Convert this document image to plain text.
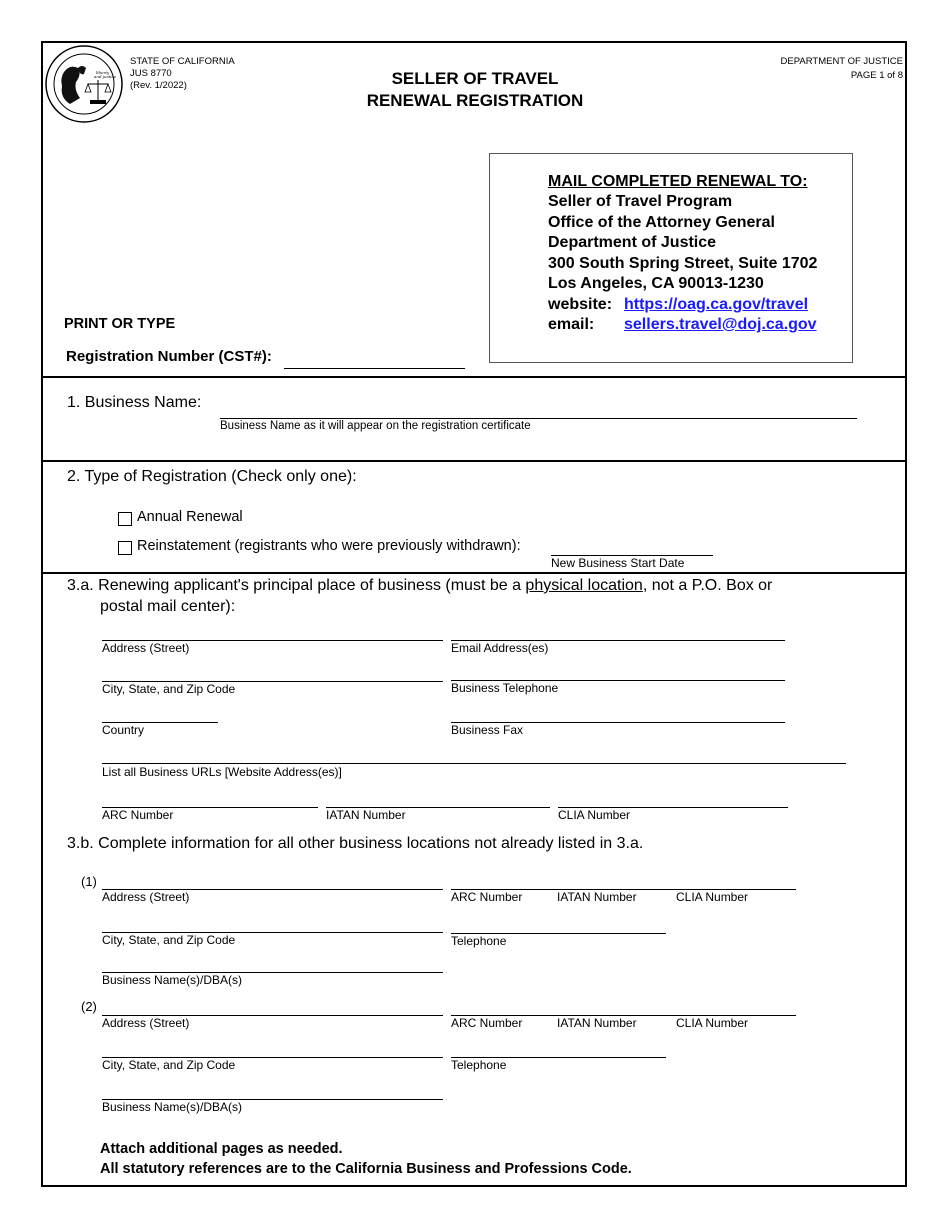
liberty
and justice
STATE OF CALIFORNIA
JUS 8770
(Rev. 1/2022)	SELLER OF TRAVEL
RENEWAL REGISTRATION
DEPARTMENT OF JUSTICE
PAGE 1 of 8
MAIL COMPLETED RENEWAL TO:
Seller of Travel Program
Office of the Attorney General
Department of Justice
300 South Spring Street, Suite 1702
Los Angeles, CA 90013-1230
website: https://oag.ca.gov/travel
email: sellers.travel@doj.ca.gov
PRINT OR TYPE
Registration Number (CST#):
1. Business Name:
Business Name as it will appear on the registration certificate
2. Type of Registration (Check only one):
Annual Renewal
Reinstatement (registrants who were previously withdrawn):
New Business Start Date
3.a. Renewing applicant's principal place of business (must be a physical location, not a P.O. Box or
postal mail center):
Address (Street)	Email Address(es)
City, State, and Zip Code	Business Telephone
Country	Business Fax
List all Business URLs [Website Address(es)]
ARC Number	IATAN Number	CLIA Number
3.b. Complete information for all other business locations not already listed in 3.a.
(1)
Address (Street)	ARC Number	IATAN Number	CLIA Number
City, State, and Zip Code	Telephone
Business Name(s)/DBA(s)
(2)
Address (Street)	ARC Number	IATAN Number	CLIA Number
City, State, and Zip Code	Telephone
Business Name(s)/DBA(s)
Attach additional pages as needed.
All statutory references are to the California Business and Professions Code.
